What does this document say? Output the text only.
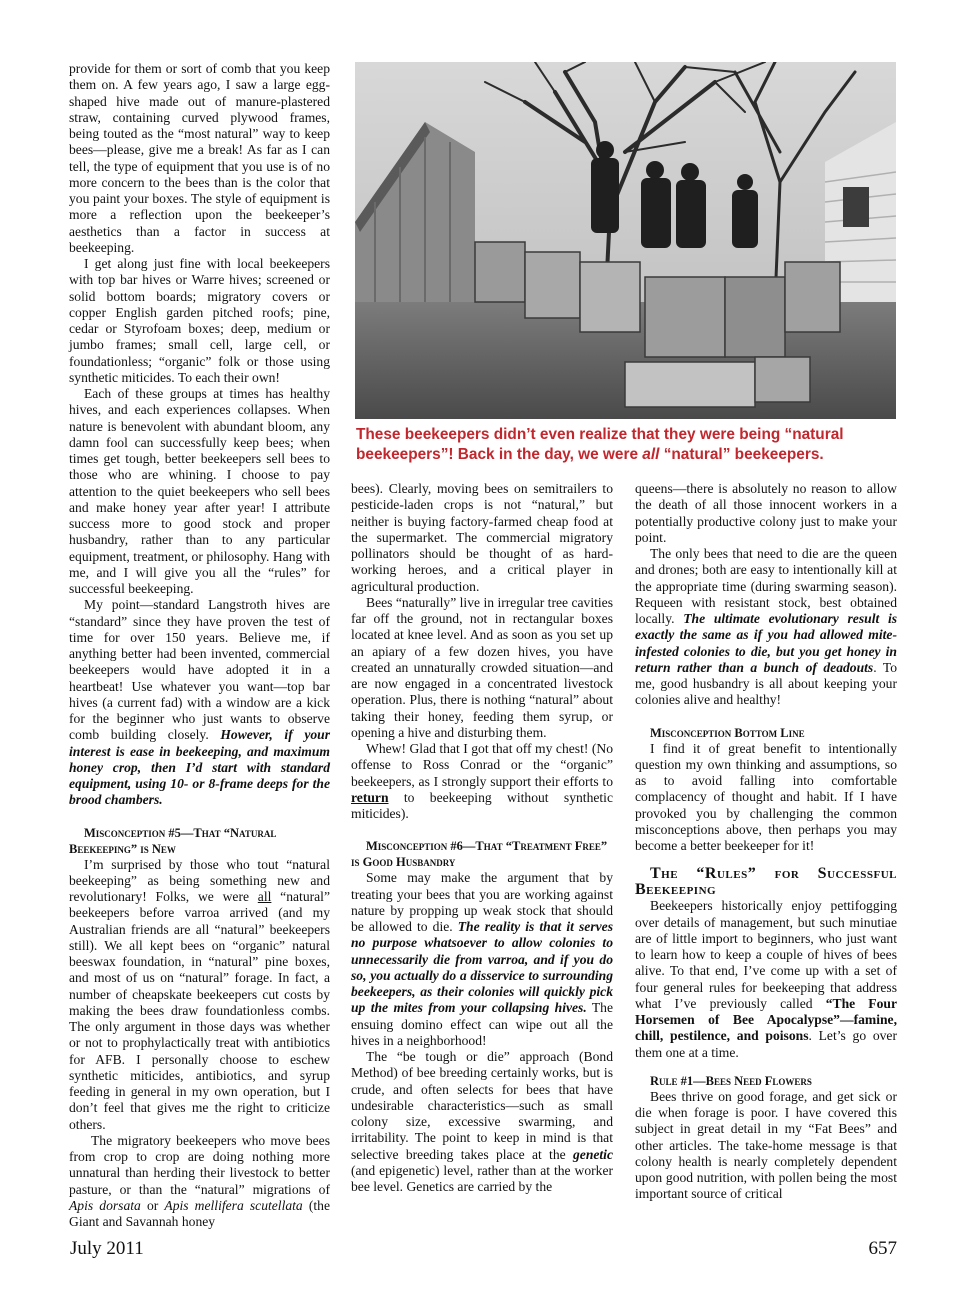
provide for them or sort of comb that you keep them on. A few years ago, I saw a large egg-shaped hive made out of manure-plastered straw, containing curved plywood frames, being touted as the “most natural” way to keep bees—please, give me a break! As far as I can tell, the type of equipment that you use is of no more concern to the bees than is the color that you paint your boxes. The style of equipment is more a reflection upon the beekeeper’s aesthetics than a factor in success at beekeeping.

I get along just fine with local beekeepers with top bar hives or Warre hives; screened or solid bottom boards; migratory covers or copper English garden pitched roofs; pine, cedar or Styrofoam boxes; deep, medium or jumbo frames; small cell, large cell, or foundationless; “organic” folk or those using synthetic miticides. To each their own!

Each of these groups at times has healthy hives, and each experiences collapses. When nature is benevolent with abundant bloom, any damn fool can successfully keep bees; when times get tough, better beekeepers sell bees to those who are whining. I choose to pay attention to the quiet beekeepers who sell bees and make honey year after year! I attribute success more to good stock and proper husbandry, rather than to any particular equipment, treatment, or philosophy. Hang with me, and I will give you all the “rules” for successful beekeeping.

My point—standard Langstroth hives are “standard” since they have proven the test of time for over 150 years. Believe me, if anything better had been invented, commercial beekeepers would have adopted it in a heartbeat! Use whatever you want—top bar hives (a current fad) with a window are a kick for the beginner who just wants to observe comb building closely. However, if your interest is ease in beekeeping, and maximum honey crop, then I’d start with standard equipment, using 10- or 8-frame deeps for the brood chambers.

Misconception #5—That “Natural Beekeeping” is New

I’m surprised by those who tout “natural beekeeping” as being something new and revolutionary! Folks, we were all “natural” beekeepers before varroa arrived (and my Australian friends are all “natural” beekeepers still). We all kept bees on “organic” natural beeswax foundation, in “natural” pine boxes, and most of us on “natural” forage. In fact, a number of cheapskate beekeepers cut costs by making the bees draw foundationless combs. The only argument in those days was whether or not to prophylactically treat with antibiotics for AFB. I personally choose to eschew synthetic miticides, antibiotics, and syrup feeding in general in my own operation, but I don’t feel that gives me the right to criticize others.

The migratory beekeepers who move bees from crop to crop are doing nothing more unnatural than herding their livestock to better pasture, or than the “natural” migrations of Apis dorsata or Apis mellifera scutellata (the Giant and Savannah honey

These beekeepers didn’t even realize that they were being “natural beekeepers”! Back in the day, we were all “natural” beekeepers.

bees). Clearly, moving bees on semitrailers to pesticide-laden crops is not “natural,” but neither is buying factory-farmed cheap food at the supermarket. The commercial migratory pollinators should be thought of as hard-working heroes, and a critical player in agricultural production.

Bees “naturally” live in irregular tree cavities far off the ground, not in rectangular boxes located at knee level. And as soon as you set up an apiary of a few dozen hives, you have created an unnaturally crowded situation—and are now engaged in a concentrated livestock operation. Plus, there is nothing “natural” about taking their honey, feeding them syrup, or opening a hive and disturbing them.

Whew! Glad that I got that off my chest! (No offense to Ross Conrad or the “organic” beekeepers, as I strongly support their efforts to return to beekeeping without synthetic miticides).

Misconception #6—That “Treatment Free” is Good Husbandry

Some may make the argument that by treating your bees that you are working against nature by propping up weak stock that should be allowed to die. The reality is that it serves no purpose whatsoever to allow colonies to unnecessarily die from varroa, and if you do so, you actually do a disservice to surrounding beekeepers, as their colonies will quickly pick up the mites from your collapsing hives. The ensuing domino effect can wipe out all the hives in a neighborhood!

The “be tough or die” approach (Bond Method) of bee breeding certainly works, but is crude, and often selects for bees that have undesirable characteristics—such as small colony size, excessive swarming, and irritability. The point to keep in mind is that selective breeding takes place at the genetic (and epigenetic) level, rather than at the worker bee level. Genetics are carried by the

queens—there is absolutely no reason to allow the death of all those innocent workers in a potentially productive colony just to make your point.

The only bees that need to die are the queen and drones; both are easy to intentionally kill at the appropriate time (during swarming season). Requeen with resistant stock, best obtained locally. The ultimate evolutionary result is exactly the same as if you had allowed mite-infested colonies to die, but you get honey in return rather than a bunch of deadouts. To me, good husbandry is all about keeping your colonies alive and healthy!

Misconception Bottom Line

I find it of great benefit to intentionally question my own thinking and assumptions, so as to avoid falling into comfortable complacency of thought and habit. If I have provoked you by challenging the common misconceptions above, then perhaps you may become a better beekeeper for it!

The “Rules” for Successful Beekeeping

Beekeepers historically enjoy pettifogging over details of management, but such minutiae are of little import to beginners, who just want to learn how to keep a couple of hives of bees alive. To that end, I’ve come up with a set of four general rules for beekeeping that address what I’ve previously called “The Four Horsemen of Bee Apocalypse”—famine, chill, pestilence, and poisons. Let’s go over them one at a time.

Rule #1—Bees Need Flowers

Bees thrive on good forage, and get sick or die when forage is poor. I have covered this subject in great detail in my “Fat Bees” and other articles. The take-home message is that colony health is nearly completely dependent upon good nutrition, with pollen being the most important source of critical

July 2011	657
